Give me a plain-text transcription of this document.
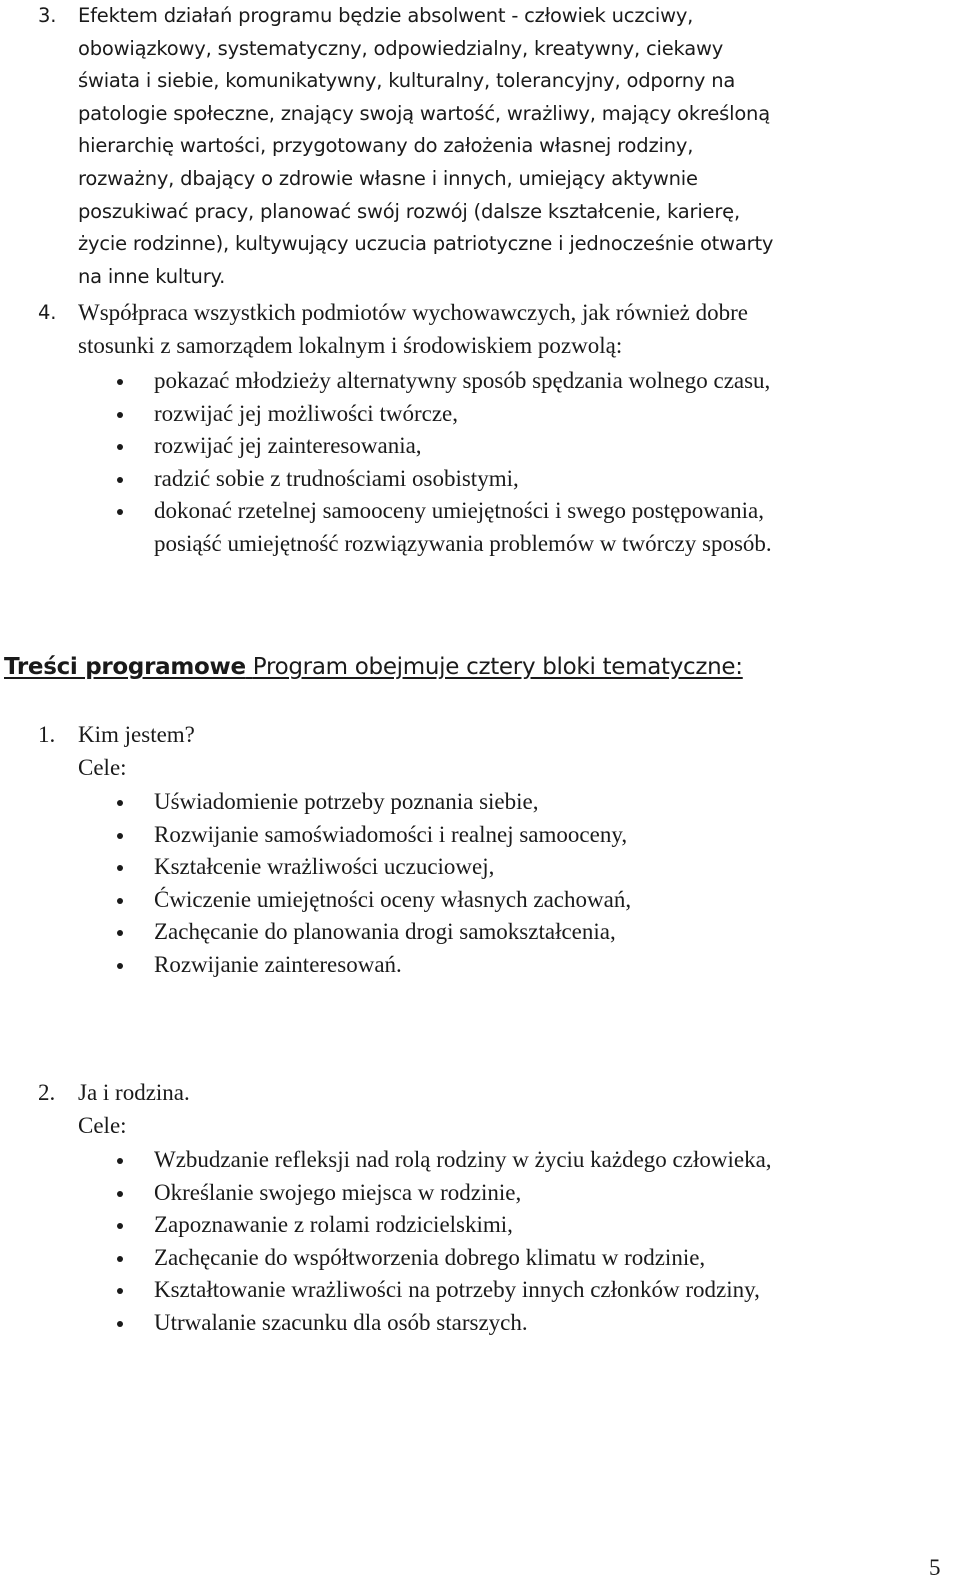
3.	Efektem działań programu będzie absolwent - człowiek uczciwy,
obowiązkowy, systematyczny, odpowiedzialny, kreatywny, ciekawy
świata i siebie, komunikatywny, kulturalny, tolerancyjny, odporny na
patologie społeczne, znający swoją wartość, wrażliwy, mający określoną
hierarchię wartości, przygotowany do założenia własnej rodziny,
rozważny, dbający o zdrowie własne i innych, umiejący aktywnie
poszukiwać pracy, planować swój rozwój (dalsze kształcenie, karierę,
życie rodzinne), kultywujący uczucia patriotyczne i jednocześnie otwarty
na inne kultury.
4. Współpraca wszystkich podmiotów wychowawczych, jak również dobre
stosunki z samorządem lokalnym i środowiskiem pozwolą:
pokazać młodzieży alternatywny sposób spędzania wolnego czasu,
rozwijać jej możliwości twórcze,
rozwijać jej zainteresowania,
radzić sobie z trudnościami osobistymi,
dokonać rzetelnej samooceny umiejętności i swego postępowania,
posiąść umiejętność rozwiązywania problemów w twórczy sposób.
Treści programowe Program obejmuje cztery bloki tematyczne:
1. Kim jestem?
Cele:
Uświadomienie potrzeby poznania siebie,
Rozwijanie samoświadomości i realnej samooceny,
Kształcenie wrażliwości uczuciowej,
Ćwiczenie umiejętności oceny własnych zachowań,
Zachęcanie do planowania drogi samokształcenia,
Rozwijanie zainteresowań.
2. Ja i rodzina.
Cele:
Wzbudzanie refleksji nad rolą rodziny w życiu każdego człowieka,
Określanie swojego miejsca w rodzinie,
Zapoznawanie z rolami rodzicielskimi,
Zachęcanie do współtworzenia dobrego klimatu w rodzinie,
Kształtowanie wrażliwości na potrzeby innych członków rodziny,
Utrwalanie szacunku dla osób starszych.
5
